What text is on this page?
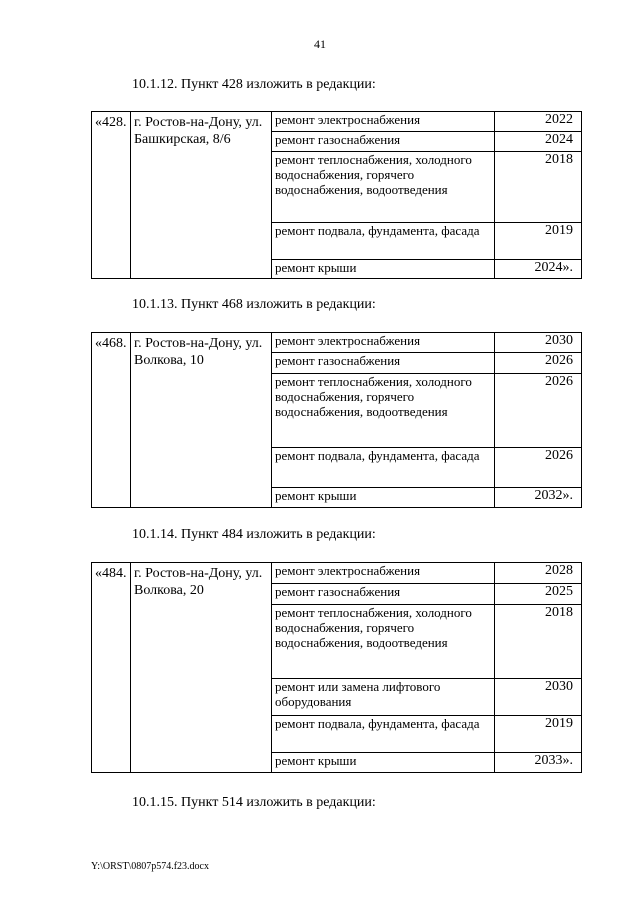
41
10.1.12. Пункт 428 изложить в редакции:
«428.	г. Ростов-на-Дону, ул. Башкирская, 8/6	ремонт электроснабжения	2022
		ремонт газоснабжения	2024
		ремонт теплоснабжения, холодного водоснабжения, горячего водоснабжения, водоотведения	2018
		ремонт подвала, фундамента, фасада	2019
		ремонт крыши	2024».
10.1.13. Пункт 468 изложить в редакции:
«468.	г. Ростов-на-Дону, ул. Волкова, 10	ремонт электроснабжения	2030
		ремонт газоснабжения	2026
		ремонт теплоснабжения, холодного водоснабжения, горячего водоснабжения, водоотведения	2026
		ремонт подвала, фундамента, фасада	2026
		ремонт крыши	2032».
10.1.14. Пункт 484 изложить в редакции:
«484.	г. Ростов-на-Дону, ул. Волкова, 20	ремонт электроснабжения	2028
		ремонт газоснабжения	2025
		ремонт теплоснабжения, холодного водоснабжения, горячего водоснабжения, водоотведения	2018
		ремонт или замена лифтового оборудования	2030
		ремонт подвала, фундамента, фасада	2019
		ремонт крыши	2033».
10.1.15. Пункт 514 изложить в редакции:
Y:\ORST\0807p574.f23.docx
